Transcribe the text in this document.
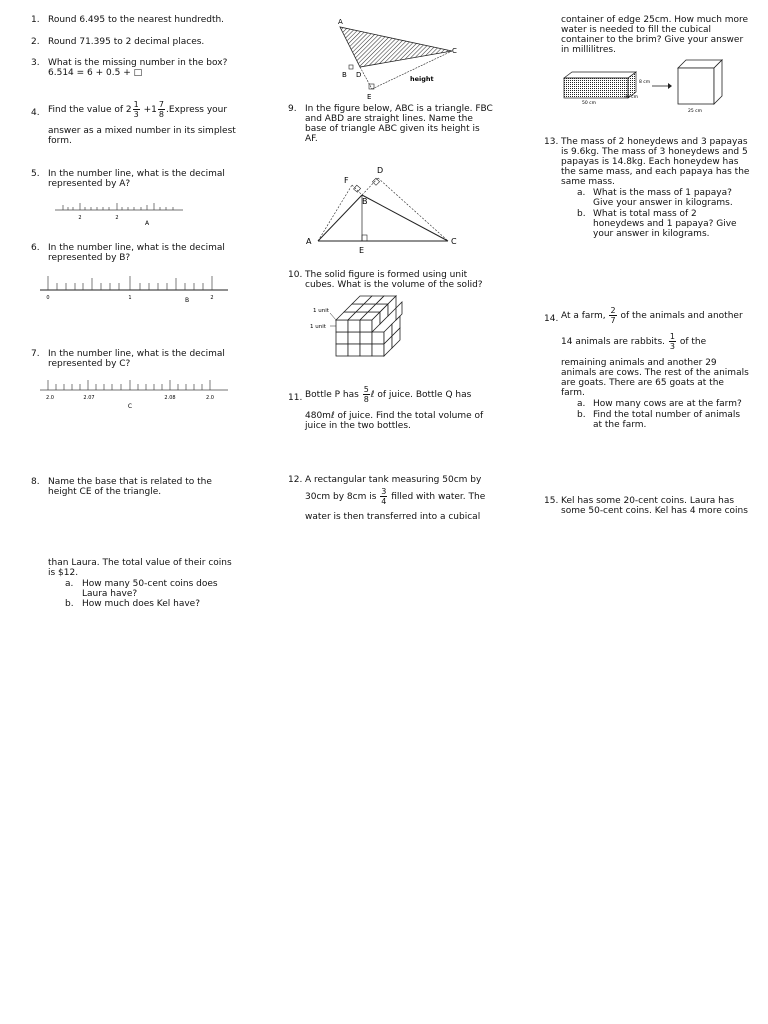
1. Round 6.495 to the nearest hundredth.
2. Round 71.395 to 2 decimal places.
3. What is the missing number in the box?
6.514 = 6 + 0.5 + □
4. Find the value of $2 \frac{1}{3} +1 \frac{7}{8}$ .Express your
answer as a mixed number in its simplest
form.
5. In the number line, what is the decimal
represented by A?
2	2
A
6. In the number line, what is the decimal
represented by B?
0	1	B	2
7. In the number line, what is the decimal
represented by C?
2.0	2.07
C
2.08	2.0
8. Name the base that is related to the
height CE of the triangle.
than Laura. The total value of their coins
is $12.
a. How many 50-cent coins does
Laura have?
b. How much does Kel have?
A
B D
E
C
height
9. In the figure below, ABC is a triangle. FBC
and ABD are straight lines. Name the
base of triangle ABC given its height is
AF.
A
B
C
D
E
F
10. The solid figure is formed using unit
cubes. What is the volume of the solid?
1 unit
1 unit
11. Bottle P has $\frac{5}{8}$ ℓ of juice. Bottle Q has
480mℓ of juice. Find the total volume of
juice in the two bottles.
12. A rectangular tank measuring 50cm by
30cm by 8cm is $\frac{3}{4}$ filled with water. The
water is then transferred into a cubical
container of edge 25cm. How much more
water is needed to fill the cubical
container to the brim? Give your answer
in millilitres.
8 cm
30 cm
50 cm
25 cm
13. The mass of 2 honeydews and 3 papayas
is 9.6kg. The mass of 3 honeydews and 5
papayas is 14.8kg. Each honeydew has
the same mass, and each papaya has the
same mass.
a. What is the mass of 1 papaya?
Give your answer in kilograms.
b. What is total mass of 2
honeydews and 1 papaya? Give
your answer in kilograms.
14. At a farm, $\frac{2}{7}$ of the animals and another
14 animals are rabbits. $\frac{1}{3}$ of the
remaining animals and another 29
animals are cows. The rest of the animals
are goats. There are 65 goats at the
farm.
a. How many cows are at the farm?
b. Find the total number of animals
at the farm.
15. Kel has some 20-cent coins. Laura has
some 50-cent coins. Kel has 4 more coins
